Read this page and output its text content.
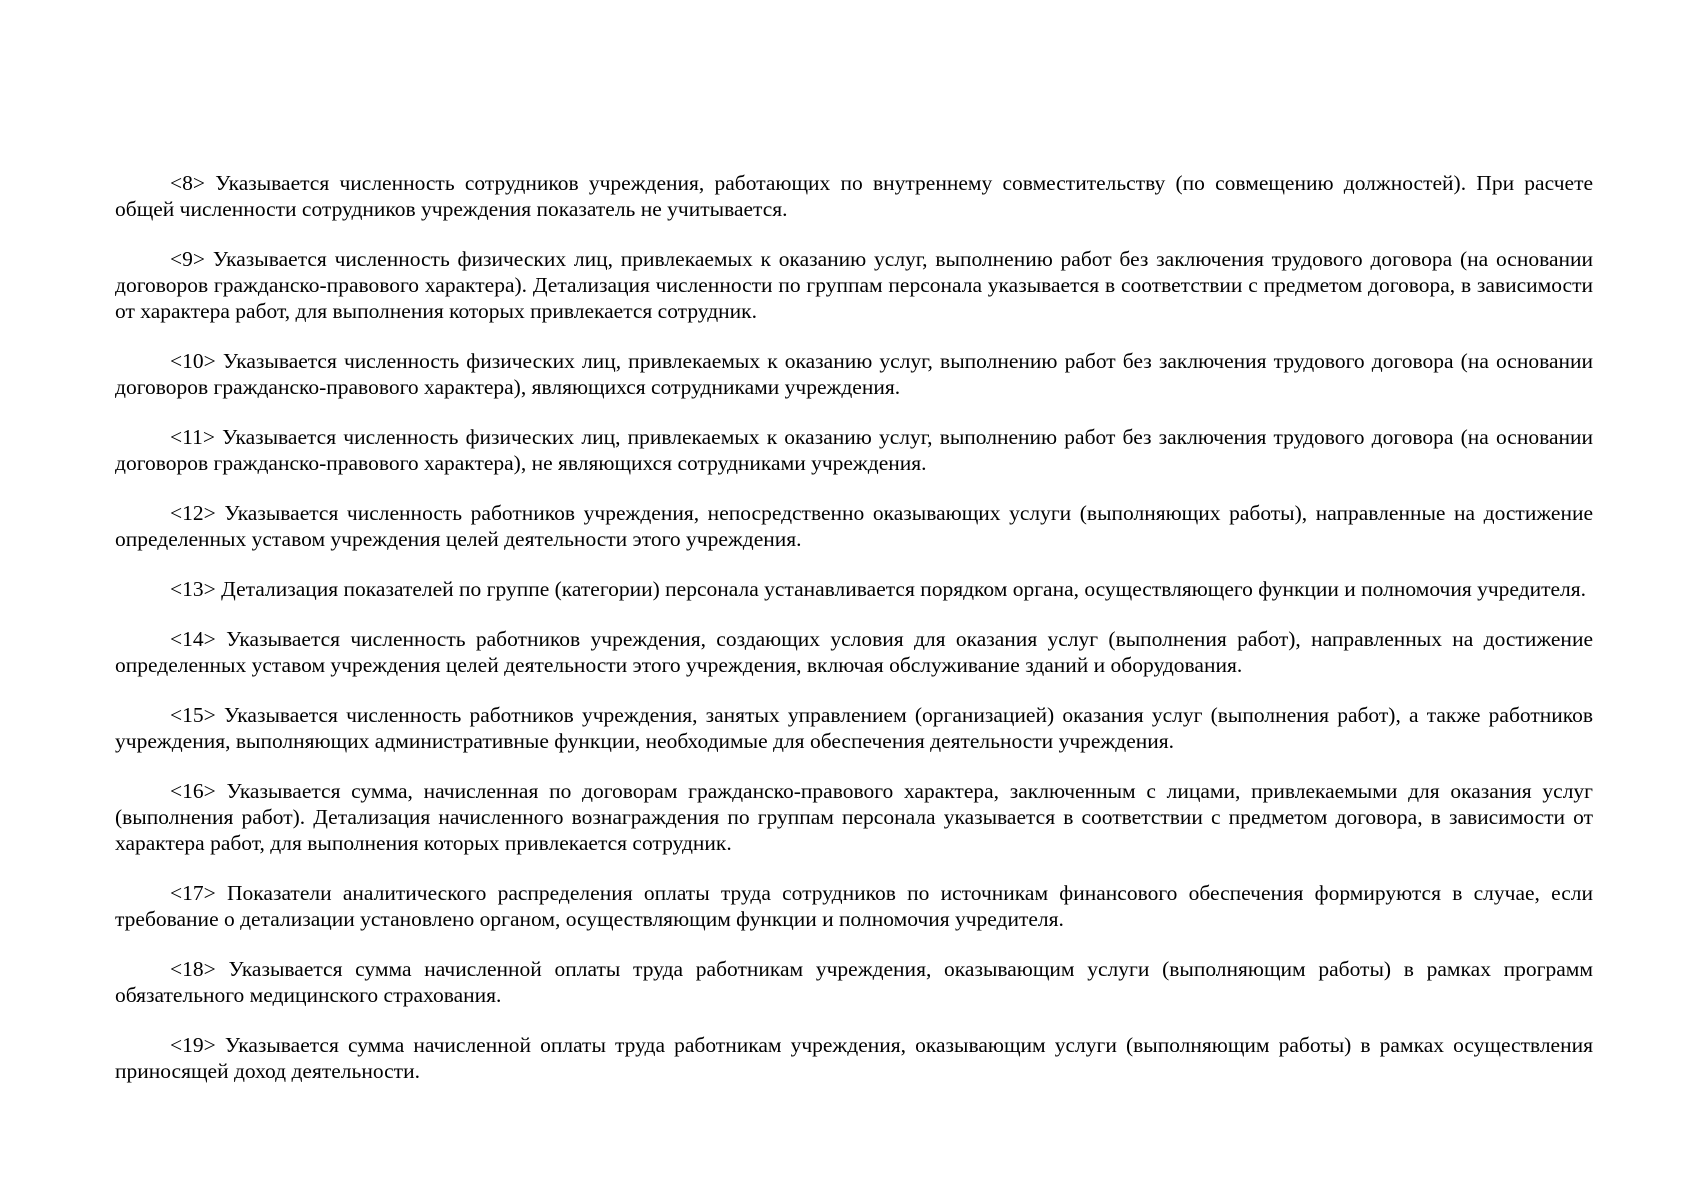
<8> Указывается численность сотрудников учреждения, работающих по внутреннему совместительству (по совмещению должностей). При расчете общей численности сотрудников учреждения показатель не учитывается.

<9> Указывается численность физических лиц, привлекаемых к оказанию услуг, выполнению работ без заключения трудового договора (на основании договоров гражданско-правового характера). Детализация численности по группам персонала указывается в соответствии с предметом договора, в зависимости от характера работ, для выполнения которых привлекается сотрудник.

<10> Указывается численность физических лиц, привлекаемых к оказанию услуг, выполнению работ без заключения трудового договора (на основании договоров гражданско-правового характера), являющихся сотрудниками учреждения.

<11> Указывается численность физических лиц, привлекаемых к оказанию услуг, выполнению работ без заключения трудового договора (на основании договоров гражданско-правового характера), не являющихся сотрудниками учреждения.

<12> Указывается численность работников учреждения, непосредственно оказывающих услуги (выполняющих работы), направленные на достижение определенных уставом учреждения целей деятельности этого учреждения.

<13> Детализация показателей по группе (категории) персонала устанавливается порядком органа, осуществляющего функции и полномочия учредителя.

<14> Указывается численность работников учреждения, создающих условия для оказания услуг (выполнения работ), направленных на достижение определенных уставом учреждения целей деятельности этого учреждения, включая обслуживание зданий и оборудования.

<15> Указывается численность работников учреждения, занятых управлением (организацией) оказания услуг (выполнения работ), а также работников учреждения, выполняющих административные функции, необходимые для обеспечения деятельности учреждения.

<16> Указывается сумма, начисленная по договорам гражданско-правового характера, заключенным с лицами, привлекаемыми для оказания услуг (выполнения работ). Детализация начисленного вознаграждения по группам персонала указывается в соответствии с предметом договора, в зависимости от характера работ, для выполнения которых привлекается сотрудник.

<17> Показатели аналитического распределения оплаты труда сотрудников по источникам финансового обеспечения формируются в случае, если требование о детализации установлено органом, осуществляющим функции и полномочия учредителя.

<18> Указывается сумма начисленной оплаты труда работникам учреждения, оказывающим услуги (выполняющим работы) в рамках программ обязательного медицинского страхования.

<19> Указывается сумма начисленной оплаты труда работникам учреждения, оказывающим услуги (выполняющим работы) в рамках осуществления приносящей доход деятельности.
